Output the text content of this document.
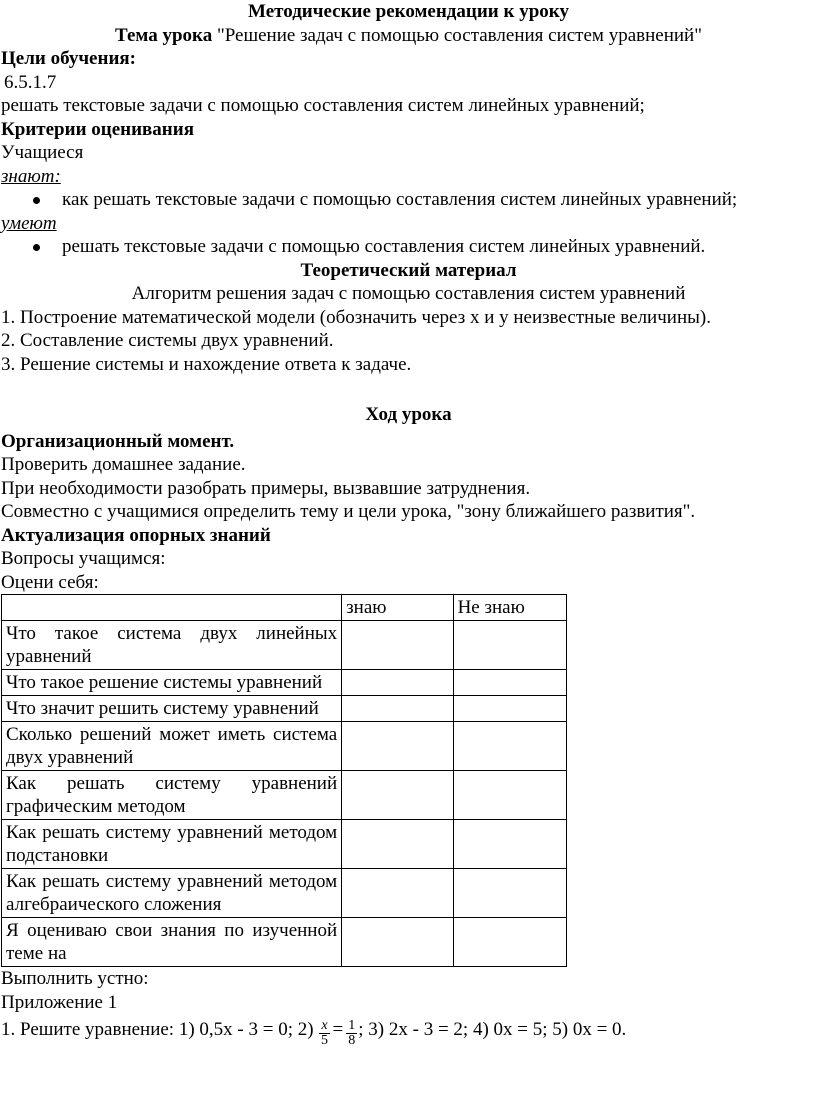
Методические рекомендации к уроку
Тема урока "Решение задач с помощью составления систем уравнений"
Цели обучения:
6.5.1.7
решать текстовые задачи с помощью составления систем линейных уравнений;
Критерии оценивания
Учащиеся
знают:
как решать текстовые задачи с помощью составления систем линейных уравнений;
умеют
решать текстовые задачи с помощью составления систем линейных уравнений.
Теоретический материал
Алгоритм решения задач с помощью составления систем уравнений
1. Построение математической модели (обозначить через х и у неизвестные величины).
2. Составление системы двух уравнений.
3. Решение системы и нахождение ответа к задаче.
Ход урока
Организационный момент.
Проверить домашнее задание.
При необходимости разобрать примеры, вызвавшие затруднения.
Совместно с учащимися определить тему и цели урока, "зону ближайшего развития".
Актуализация опорных знаний
Вопросы учащимся:
Оцени себя:
	знаю	Не знаю
Что такое система двух линейных уравнений		
Что такое решение системы уравнений		
Что значит решить систему уравнений		
Сколько решений может иметь система двух уравнений		
Как решать систему уравнений графическим методом		
Как решать систему уравнений методом подстановки		
Как решать систему уравнений методом алгебраического сложения		
Я оцениваю свои знания по изученной теме на		
Выполнить устно:
Приложение 1
1. Решите уравнение: 1) 0,5х - 3 = 0; $2) \frac{x}{5} = \frac{1}{8}$ ; 3) 2х - 3 = 2; 4) 0х = 5; 5) 0х = 0.
